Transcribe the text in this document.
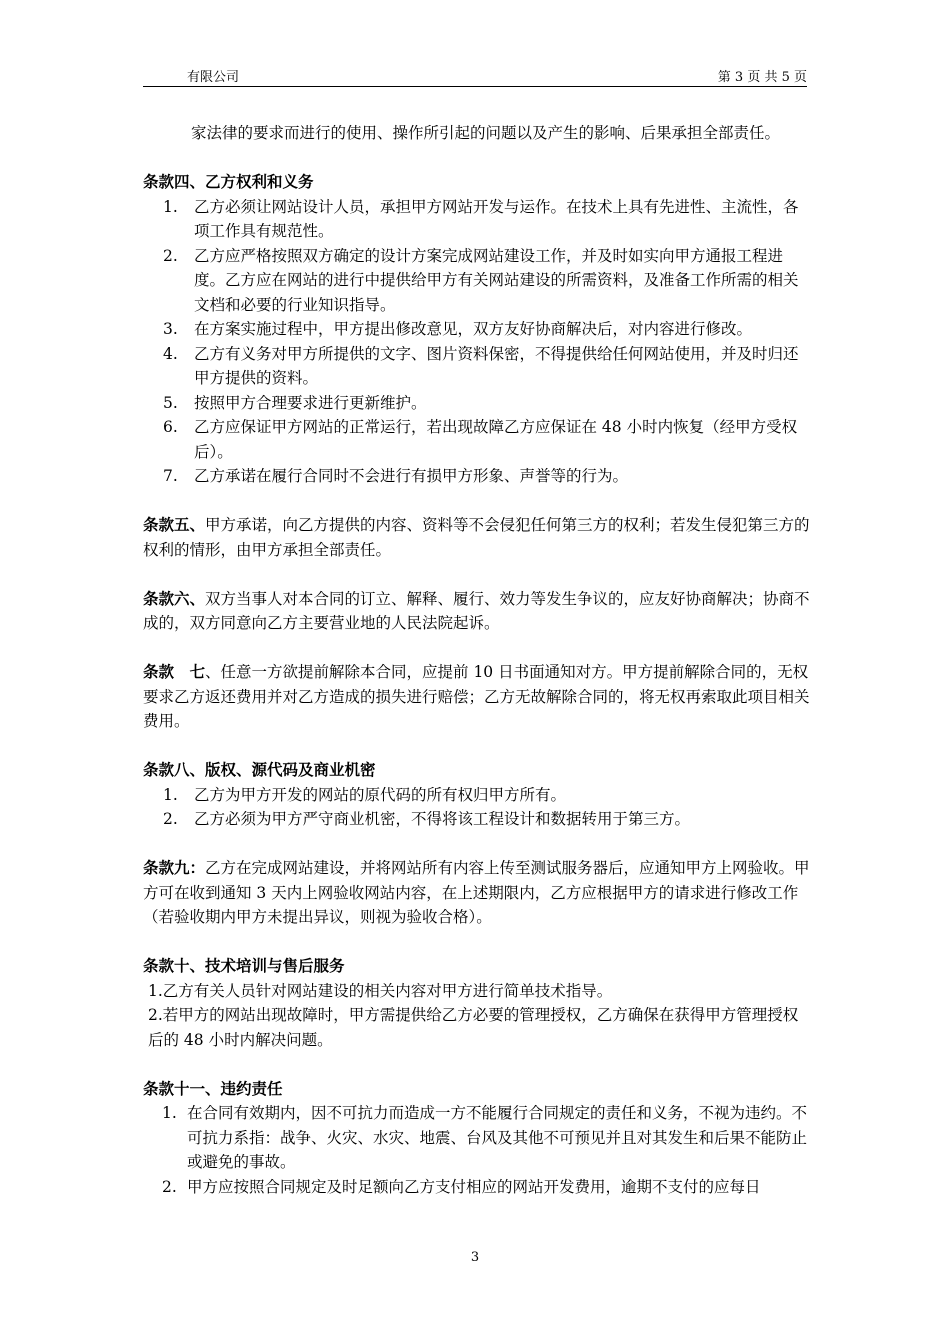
有限公司	第 3 页 共 5 页

家法律的要求而进行的使用、操作所引起的问题以及产生的影响、后果承担全部责任。

条款四、乙方权利和义务

1. 乙方必须让网站设计人员，承担甲方网站开发与运作。在技术上具有先进性、主流性，各项工作具有规范性。
2. 乙方应严格按照双方确定的设计方案完成网站建设工作，并及时如实向甲方通报工程进度。乙方应在网站的进行中提供给甲方有关网站建设的所需资料，及准备工作所需的相关文档和必要的行业知识指导。
3. 在方案实施过程中，甲方提出修改意见，双方友好协商解决后，对内容进行修改。
4. 乙方有义务对甲方所提供的文字、图片资料保密，不得提供给任何网站使用，并及时归还甲方提供的资料。
5. 按照甲方合理要求进行更新维护。
6. 乙方应保证甲方网站的正常运行，若出现故障乙方应保证在 48 小时内恢复（经甲方受权后）。
7. 乙方承诺在履行合同时不会进行有损甲方形象、声誉等的行为。

条款五、甲方承诺，向乙方提供的内容、资料等不会侵犯任何第三方的权利；若发生侵犯第三方的权利的情形，由甲方承担全部责任。

条款六、双方当事人对本合同的订立、解释、履行、效力等发生争议的，应友好协商解决；协商不成的，双方同意向乙方主要营业地的人民法院起诉。

条款　七、任意一方欲提前解除本合同，应提前 10 日书面通知对方。甲方提前解除合同的，无权要求乙方返还费用并对乙方造成的损失进行赔偿；乙方无故解除合同的，将无权再索取此项目相关费用。

条款八、版权、源代码及商业机密

1. 乙方为甲方开发的网站的原代码的所有权归甲方所有。
2. 乙方必须为甲方严守商业机密，不得将该工程设计和数据转用于第三方。

条款九：乙方在完成网站建设，并将网站所有内容上传至测试服务器后，应通知甲方上网验收。甲方可在收到通知 3 天内上网验收网站内容，在上述期限内，乙方应根据甲方的请求进行修改工作（若验收期内甲方未提出异议，则视为验收合格）。

条款十、技术培训与售后服务

1.乙方有关人员针对网站建设的相关内容对甲方进行简单技术指导。

2.若甲方的网站出现故障时，甲方需提供给乙方必要的管理授权，乙方确保在获得甲方管理授权后的 48 小时内解决问题。

条款十一、违约责任

1. 在合同有效期内，因不可抗力而造成一方不能履行合同规定的责任和义务，不视为违约。不可抗力系指：战争、火灾、水灾、地震、台风及其他不可预见并且对其发生和后果不能防止或避免的事故。
2. 甲方应按照合同规定及时足额向乙方支付相应的网站开发费用，逾期不支付的应每日
3
